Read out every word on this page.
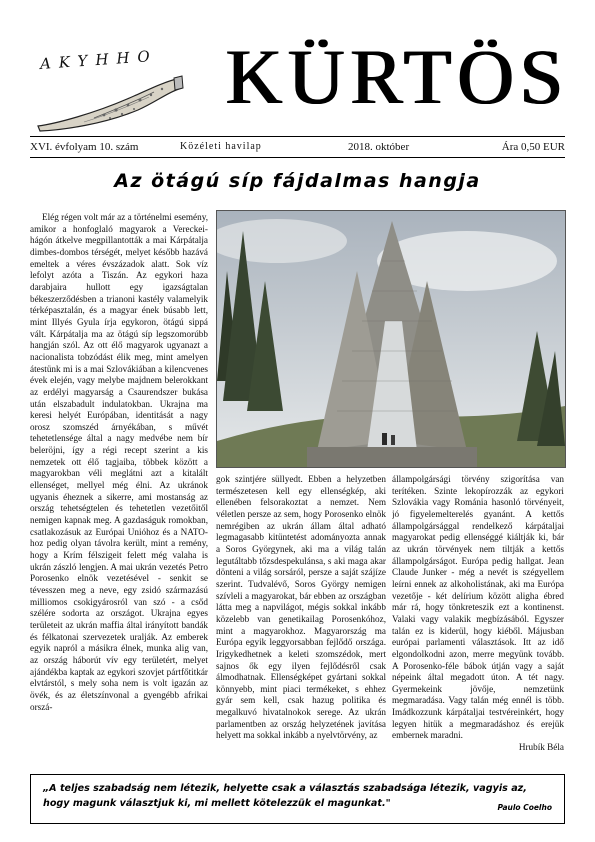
AKYHHO KÜRTÖS
XVI. évfolyam 10. szám	Közéleti havilap	2018. október	Ára 0,50 EUR
Az ötágú síp fájdalmas hangja

Elég régen volt már az a történelmi esemény, amikor a honfoglaló magyarok a Vereckei-hágón átkelve megpillantották a mai Kárpátalja dimbes-dombos térségét, melyet később hazává emeltek a véres évszázadok alatt. Sok víz lefolyt azóta a Tiszán. Az egykori haza darabjaira hullott egy igazságtalan békeszerződésben a trianoni kastély valamelyik térképasztalán, és a magyar ének búsabb lett, mint Illyés Gyula írja egykoron, ötágú sippá vált. Kárpátalja ma az ötágú síp legszomorúbb hangján szól. Az ott élő magyarok ugyanazt a nacionalista tobzódást élik meg, mint amelyen átestünk mi is a mai Szlovákiában a kilencvenes évek elején, vagy melybe majdnem belerokkant az erdélyi magyarság a Csaurendszer bukása után elszabadult indulatokban. Ukrajna ma keresi helyét Európában, identitását a nagy orosz szomszéd árnyékában, s művét tehetetlensége által a nagy medvébe nem bír beleröjni, így a régi recept szerint a kis nemzetek ott élő tagjaiba, többek között a magyarokban véli meglátni azt a kitalált ellenséget, mellyel még élni. Az ukránok ugyanis éheznek a sikerre, ami mostanság az ország tehetségtelen és tehetetlen vezetőitől nemigen kapnak meg. A gazdaságuk romokban, csatlakozásuk az Európai Unióhoz és a NATO-hoz pedig olyan távolra került, mint a remény, hogy a Krím félszigeit felett még valaha is ukrán zászló lengjen. A mai ukrán vezetés Petro Porosenko elnök vezetésével - senkit se tévesszen meg a neve, egy zsidó származású milliomos csokigyárosról van szó - a csőd szélére sodorta az országot. Ukrajna egyes területeit az ukrán maffia által irányított bandák és félkatonai szervezetek uralják. Az emberek egyik napról a másikra élnek, munka alig van, az ország háborút vív egy területért, melyet ajándékba kaptak az egykori szovjet pártfőtitkár elvtárstól, s mely soha nem is volt igazán az övék, és az életszínvonal a gyengébb afrikai orszá-

gok szintjére süllyedt. Ebben a helyzetben természetesen kell egy ellenségkép, aki ellenében felsorakoztat a nemzet. Nem véletlen persze az sem, hogy Porosenko elnök nemrégiben az ukrán állam által adható legmagasabb kitüntetést adományozta annak a Soros Györgynek, aki ma a világ talán legutáltabb tőzsdespekulánsa, s aki maga akar dönteni a világ sorsáról, persze a saját szájíze szerint. Tudvalévő, Soros György nemigen szívleli a magyarokat, bár ebben az országban látta meg a napvilágot, mégis sokkal inkább közelebb van genetikailag Porosenkóhoz, mint a magyarokhoz. Magyarország ma Európa egyik leggyorsabban fejlődő országa. Irigykedhetnek a keleti szomszédok, mert sajnos ők egy ilyen fejlődésről csak álmodhatnak. Ellenségképet gyártani sokkal könnyebb, mint piaci termékeket, s ehhez gyár sem kell, csak hazug politika és megalkuvó hivatalnokok serege. Az ukrán parlamentben az ország helyzetének javítása helyett ma sokkal inkább a nyelvtörvény, az

állampolgársági törvény szigorítása van terítéken. Szinte lekopírozzák az egykori Szlovákia vagy Románia hasonló törvényeit, jó figyelemelterelés gyanánt. A kettős állampolgársággal rendelkező kárpátaljai magyarokat pedig ellenséggé kiáltják ki, bár az ukrán törvények nem tiltják a kettős állampolgárságot. Európa pedig hallgat. Jean Claude Junker - még a nevét is szégyellem leírni ennek az alkoholistának, aki ma Európa vezetője - két delírium között aligha ébred már rá, hogy tönkreteszik ezt a kontinenst. Valaki vagy valakik megbízásából. Egyszer talán ez is kiderül, hogy kiéből. Májusban európai parlamenti választások. Itt az idő elgondolkodni azon, merre megyünk tovább. A Porosenko-féle bábok útján vagy a saját népeink által megadott úton. A tét nagy. Gyermekeink jövője, nemzetünk megmaradása. Vagy talán még ennél is több. Imádkozzunk kárpátaljai testvéreinkért, hogy legyen hitük a megmaradáshoz és erejük embernek maradni.

Hrubík Béla
„A teljes szabadság nem létezik, helyette csak a választás szabadsága létezik, vagyis az, hogy magunk választjuk ki, mi mellett kötelezzük el magunkat."	Paulo Coelho
